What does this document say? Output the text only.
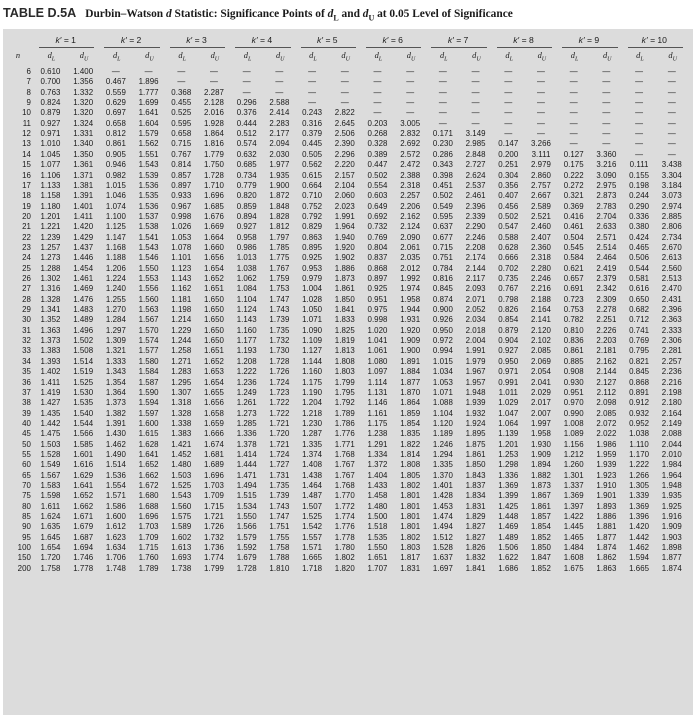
TABLE D.5A Durbin–Watson d Statistic: Significance Points of $d_L$ and $d_U$ at 0.05 Level of Significance
k′ = 1	k′ = 2	k′ = 3	k′ = 4	k′ = 5	k′ = 6	k′ = 7	k′ = 8	k′ = 9	k′ = 10
n	$d_L$	$d_U$	$d_L$	$d_U$	$d_L$	$d_U$	$d_L$	$d_U$	$d_L$	$d_U$	$d_L$	$d_U$	$d_L$	$d_U$	$d_L$	$d_U$	$d_L$	$d_U$	$d_L$	$d_U$
6	0.610	1.400	—	—	—	—	—	—	—	—	—	—	—	—	—	—	—	—	—	—
7	0.700	1.356	0.467	1.896	—	—	—	—	—	—	—	—	—	—	—	—	—	—	—	—
8	0.763	1.332	0.559	1.777	0.368	2.287	—	—	—	—	—	—	—	—	—	—	—	—	—	—
9	0.824	1.320	0.629	1.699	0.455	2.128	0.296	2.588	—	—	—	—	—	—	—	—	—	—	—	—
10	0.879	1.320	0.697	1.641	0.525	2.016	0.376	2.414	0.243	2.822	—	—	—	—	—	—	—	—	—	—
11	0.927	1.324	0.658	1.604	0.595	1.928	0.444	2.283	0.316	2.645	0.203	3.005	—	—	—	—	—	—	—	—
12	0.971	1.331	0.812	1.579	0.658	1.864	0.512	2.177	0.379	2.506	0.268	2.832	0.171	3.149	—	—	—	—	—	—
13	1.010	1.340	0.861	1.562	0.715	1.816	0.574	2.094	0.445	2.390	0.328	2.692	0.230	2.985	0.147	3.266	—	—	—	—
14	1.045	1.350	0.905	1.551	0.767	1.779	0.632	2.030	0.505	2.296	0.389	2.572	0.286	2.848	0.200	3.111	0.127	3.360	—	—
15	1.077	1.361	0.946	1.543	0.814	1.750	0.685	1.977	0.562	2.220	0.447	2.472	0.343	2.727	0.251	2.979	0.175	3.216	0.111	3.438
16	1.106	1.371	0.982	1.539	0.857	1.728	0.734	1.935	0.615	2.157	0.502	2.388	0.398	2.624	0.304	2.860	0.222	3.090	0.155	3.304
17	1.133	1.381	1.015	1.536	0.897	1.710	0.779	1.900	0.664	2.104	0.554	2.318	0.451	2.537	0.356	2.757	0.272	2.975	0.198	3.184
18	1.158	1.391	1.046	1.535	0.933	1.696	0.820	1.872	0.710	2.060	0.603	2.257	0.502	2.461	0.407	2.667	0.321	2.873	0.244	3.073
19	1.180	1.401	1.074	1.536	0.967	1.685	0.859	1.848	0.752	2.023	0.649	2.206	0.549	2.396	0.456	2.589	0.369	2.783	0.290	2.974
20	1.201	1.411	1.100	1.537	0.998	1.676	0.894	1.828	0.792	1.991	0.692	2.162	0.595	2.339	0.502	2.521	0.416	2.704	0.336	2.885
21	1.221	1.420	1.125	1.538	1.026	1.669	0.927	1.812	0.829	1.964	0.732	2.124	0.637	2.290	0.547	2.460	0.461	2.633	0.380	2.806
22	1.239	1.429	1.147	1.541	1.053	1.664	0.958	1.797	0.863	1.940	0.769	2.090	0.677	2.246	0.588	2.407	0.504	2.571	0.424	2.734
23	1.257	1.437	1.168	1.543	1.078	1.660	0.986	1.785	0.895	1.920	0.804	2.061	0.715	2.208	0.628	2.360	0.545	2.514	0.465	2.670
24	1.273	1.446	1.188	1.546	1.101	1.656	1.013	1.775	0.925	1.902	0.837	2.035	0.751	2.174	0.666	2.318	0.584	2.464	0.506	2.613
25	1.288	1.454	1.206	1.550	1.123	1.654	1.038	1.767	0.953	1.886	0.868	2.012	0.784	2.144	0.702	2.280	0.621	2.419	0.544	2.560
26	1.302	1.461	1.224	1.553	1.143	1.652	1.062	1.759	0.979	1.873	0.897	1.992	0.816	2.117	0.735	2.246	0.657	2.379	0.581	2.513
27	1.316	1.469	1.240	1.556	1.162	1.651	1.084	1.753	1.004	1.861	0.925	1.974	0.845	2.093	0.767	2.216	0.691	2.342	0.616	2.470
28	1.328	1.476	1.255	1.560	1.181	1.650	1.104	1.747	1.028	1.850	0.951	1.958	0.874	2.071	0.798	2.188	0.723	2.309	0.650	2.431
29	1.341	1.483	1.270	1.563	1.198	1.650	1.124	1.743	1.050	1.841	0.975	1.944	0.900	2.052	0.826	2.164	0.753	2.278	0.682	2.396
30	1.352	1.489	1.284	1.567	1.214	1.650	1.143	1.739	1.071	1.833	0.998	1.931	0.926	2.034	0.854	2.141	0.782	2.251	0.712	2.363
31	1.363	1.496	1.297	1.570	1.229	1.650	1.160	1.735	1.090	1.825	1.020	1.920	0.950	2.018	0.879	2.120	0.810	2.226	0.741	2.333
32	1.373	1.502	1.309	1.574	1.244	1.650	1.177	1.732	1.109	1.819	1.041	1.909	0.972	2.004	0.904	2.102	0.836	2.203	0.769	2.306
33	1.383	1.508	1.321	1.577	1.258	1.651	1.193	1.730	1.127	1.813	1.061	1.900	0.994	1.991	0.927	2.085	0.861	2.181	0.795	2.281
34	1.393	1.514	1.333	1.580	1.271	1.652	1.208	1.728	1.144	1.808	1.080	1.891	1.015	1.979	0.950	2.069	0.885	2.162	0.821	2.257
35	1.402	1.519	1.343	1.584	1.283	1.653	1.222	1.726	1.160	1.803	1.097	1.884	1.034	1.967	0.971	2.054	0.908	2.144	0.845	2.236
36	1.411	1.525	1.354	1.587	1.295	1.654	1.236	1.724	1.175	1.799	1.114	1.877	1.053	1.957	0.991	2.041	0.930	2.127	0.868	2.216
37	1.419	1.530	1.364	1.590	1.307	1.655	1.249	1.723	1.190	1.795	1.131	1.870	1.071	1.948	1.011	2.029	0.951	2.112	0.891	2.198
38	1.427	1.535	1.373	1.594	1.318	1.656	1.261	1.722	1.204	1.792	1.146	1.864	1.088	1.939	1.029	2.017	0.970	2.098	0.912	2.180
39	1.435	1.540	1.382	1.597	1.328	1.658	1.273	1.722	1.218	1.789	1.161	1.859	1.104	1.932	1.047	2.007	0.990	2.085	0.932	2.164
40	1.442	1.544	1.391	1.600	1.338	1.659	1.285	1.721	1.230	1.786	1.175	1.854	1.120	1.924	1.064	1.997	1.008	2.072	0.952	2.149
45	1.475	1.566	1.430	1.615	1.383	1.666	1.336	1.720	1.287	1.776	1.238	1.835	1.189	1.895	1.139	1.958	1.089	2.022	1.038	2.088
50	1.503	1.585	1.462	1.628	1.421	1.674	1.378	1.721	1.335	1.771	1.291	1.822	1.246	1.875	1.201	1.930	1.156	1.986	1.110	2.044
55	1.528	1.601	1.490	1.641	1.452	1.681	1.414	1.724	1.374	1.768	1.334	1.814	1.294	1.861	1.253	1.909	1.212	1.959	1.170	2.010
60	1.549	1.616	1.514	1.652	1.480	1.689	1.444	1.727	1.408	1.767	1.372	1.808	1.335	1.850	1.298	1.894	1.260	1.939	1.222	1.984
65	1.567	1.629	1.536	1.662	1.503	1.696	1.471	1.731	1.438	1.767	1.404	1.805	1.370	1.843	1.336	1.882	1.301	1.923	1.266	1.964
70	1.583	1.641	1.554	1.672	1.525	1.703	1.494	1.735	1.464	1.768	1.433	1.802	1.401	1.837	1.369	1.873	1.337	1.910	1.305	1.948
75	1.598	1.652	1.571	1.680	1.543	1.709	1.515	1.739	1.487	1.770	1.458	1.801	1.428	1.834	1.399	1.867	1.369	1.901	1.339	1.935
80	1.611	1.662	1.586	1.688	1.560	1.715	1.534	1.743	1.507	1.772	1.480	1.801	1.453	1.831	1.425	1.861	1.397	1.893	1.369	1.925
85	1.624	1.671	1.600	1.696	1.575	1.721	1.550	1.747	1.525	1.774	1.500	1.801	1.474	1.829	1.448	1.857	1.422	1.886	1.396	1.916
90	1.635	1.679	1.612	1.703	1.589	1.726	1.566	1.751	1.542	1.776	1.518	1.801	1.494	1.827	1.469	1.854	1.445	1.881	1.420	1.909
95	1.645	1.687	1.623	1.709	1.602	1.732	1.579	1.755	1.557	1.778	1.535	1.802	1.512	1.827	1.489	1.852	1.465	1.877	1.442	1.903
100	1.654	1.694	1.634	1.715	1.613	1.736	1.592	1.758	1.571	1.780	1.550	1.803	1.528	1.826	1.506	1.850	1.484	1.874	1.462	1.898
150	1.720	1.746	1.706	1.760	1.693	1.774	1.679	1.788	1.665	1.802	1.651	1.817	1.637	1.832	1.622	1.847	1.608	1.862	1.594	1.877
200	1.758	1.778	1.748	1.789	1.738	1.799	1.728	1.810	1.718	1.820	1.707	1.831	1.697	1.841	1.686	1.852	1.675	1.863	1.665	1.874
